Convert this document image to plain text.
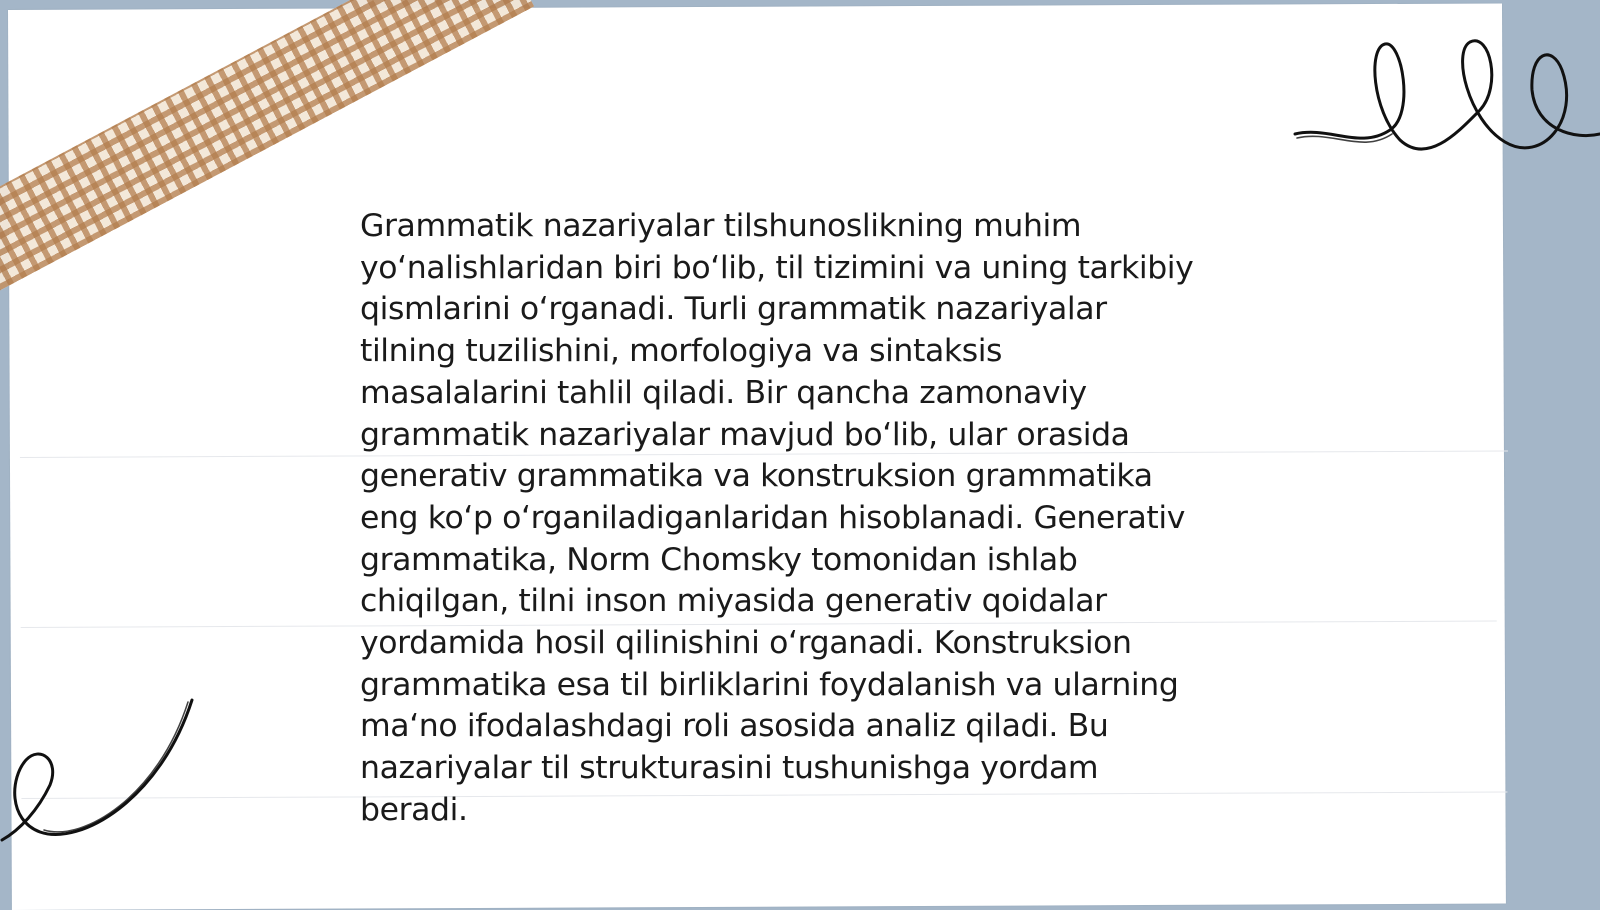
Grammatik nazariyalar tilshunoslikning muhim
yoʻnalishlaridan biri boʻlib, til tizimini va uning tarkibiy
qismlarini oʻrganadi. Turli grammatik nazariyalar
tilning tuzilishini, morfologiya va sintaksis
masalalarini tahlil qiladi. Bir qancha zamonaviy
grammatik nazariyalar mavjud boʻlib, ular orasida
generativ grammatika va konstruksion grammatika
eng koʻp oʻrganiladiganlaridan hisoblanadi. Generativ
grammatika, Norm Chomsky tomonidan ishlab
chiqilgan, tilni inson miyasida generativ qoidalar
yordamida hosil qilinishini oʻrganadi. Konstruksion
grammatika esa til birliklarini foydalanish va ularning
maʻno ifodalashdagi roli asosida analiz qiladi. Bu
nazariyalar til strukturasini tushunishga yordam
beradi.
